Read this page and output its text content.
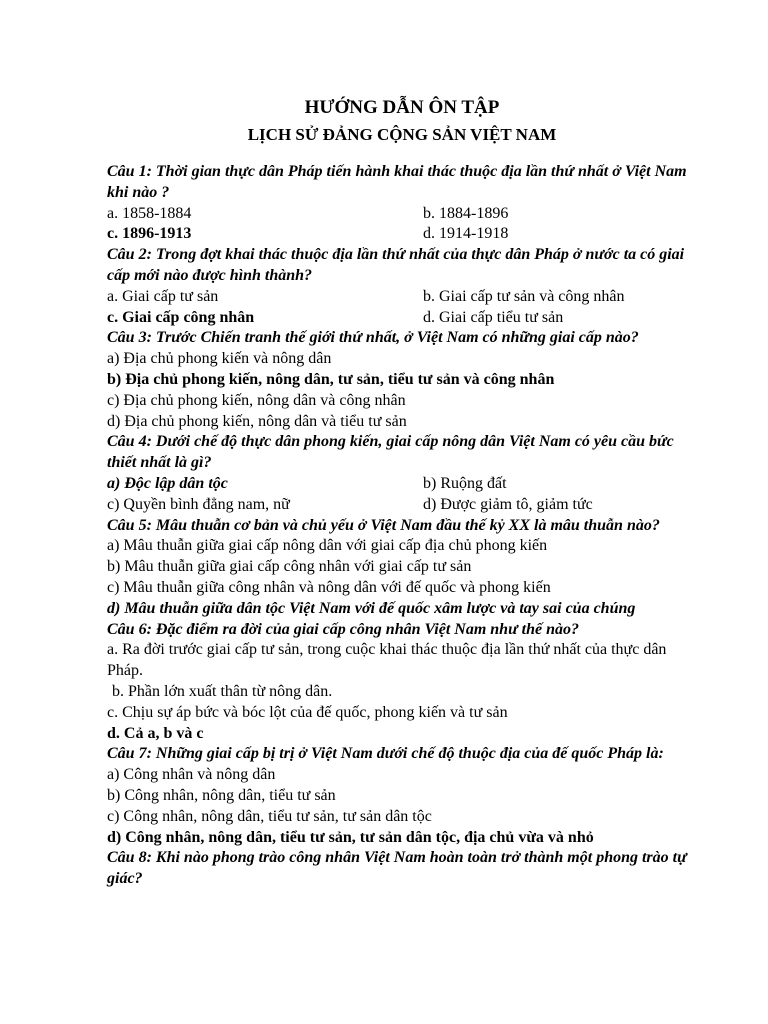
HƯỚNG DẪN ÔN TẬP

LỊCH SỬ ĐẢNG CỘNG SẢN VIỆT NAM

Câu 1: Thời gian thực dân Pháp tiến hành khai thác thuộc địa lần thứ nhất ở Việt Nam khi nào ?

a. 1858-1884	b. 1884-1896
c. 1896-1913	d. 1914-1918

Câu 2: Trong đợt khai thác thuộc địa lần thứ nhất của thực dân Pháp ở nước ta có giai cấp mới nào được hình thành?

a. Giai cấp tư sản	b. Giai cấp tư sản và công nhân
c. Giai cấp công nhân	d. Giai cấp tiểu tư sản

Câu 3: Trước Chiến tranh thế giới thứ nhất, ở Việt Nam có những giai cấp nào?

a) Địa chủ phong kiến và nông dân

b) Địa chủ phong kiến, nông dân, tư sản, tiểu tư sản và công nhân

c) Địa chủ phong kiến, nông dân và công nhân

d) Địa chủ phong kiến, nông dân và tiểu tư sản

Câu 4: Dưới chế độ thực dân phong kiến, giai cấp nông dân Việt Nam có yêu cầu bức thiết nhất là gì?

a) Độc lập dân tộc	b) Ruộng đất
c) Quyền bình đẳng nam, nữ	d) Được giảm tô, giảm tức

Câu 5: Mâu thuẫn cơ bản và chủ yếu ở Việt Nam đầu thế kỷ XX là mâu thuẫn nào?

a) Mâu thuẫn giữa giai cấp nông dân với giai cấp địa chủ phong kiến

b) Mâu thuẫn giữa giai cấp công nhân với giai cấp tư sản

c) Mâu thuẫn giữa công nhân và nông dân với đế quốc và phong kiến

d) Mâu thuẫn giữa dân tộc Việt Nam với đế quốc xâm lược và tay sai của chúng

Câu 6: Đặc điểm ra đời của giai cấp công nhân Việt Nam như thế nào?

a. Ra đời trước giai cấp tư sản, trong cuộc khai thác thuộc địa lần thứ nhất của thực dân Pháp.

b. Phần lớn xuất thân từ nông dân.

c. Chịu sự áp bức và bóc lột của đế quốc, phong kiến và tư sản

d. Cả a, b và c

Câu 7: Những giai cấp bị trị ở Việt Nam dưới chế độ thuộc địa của đế quốc Pháp là:

a) Công nhân và nông dân

b) Công nhân, nông dân, tiểu tư sản

c) Công nhân, nông dân, tiểu tư sản, tư sản dân tộc

d) Công nhân, nông dân, tiểu tư sản, tư sản dân tộc, địa chủ vừa và nhỏ

Câu 8: Khi nào phong trào công nhân Việt Nam hoàn toàn trở thành một phong trào tự giác?
